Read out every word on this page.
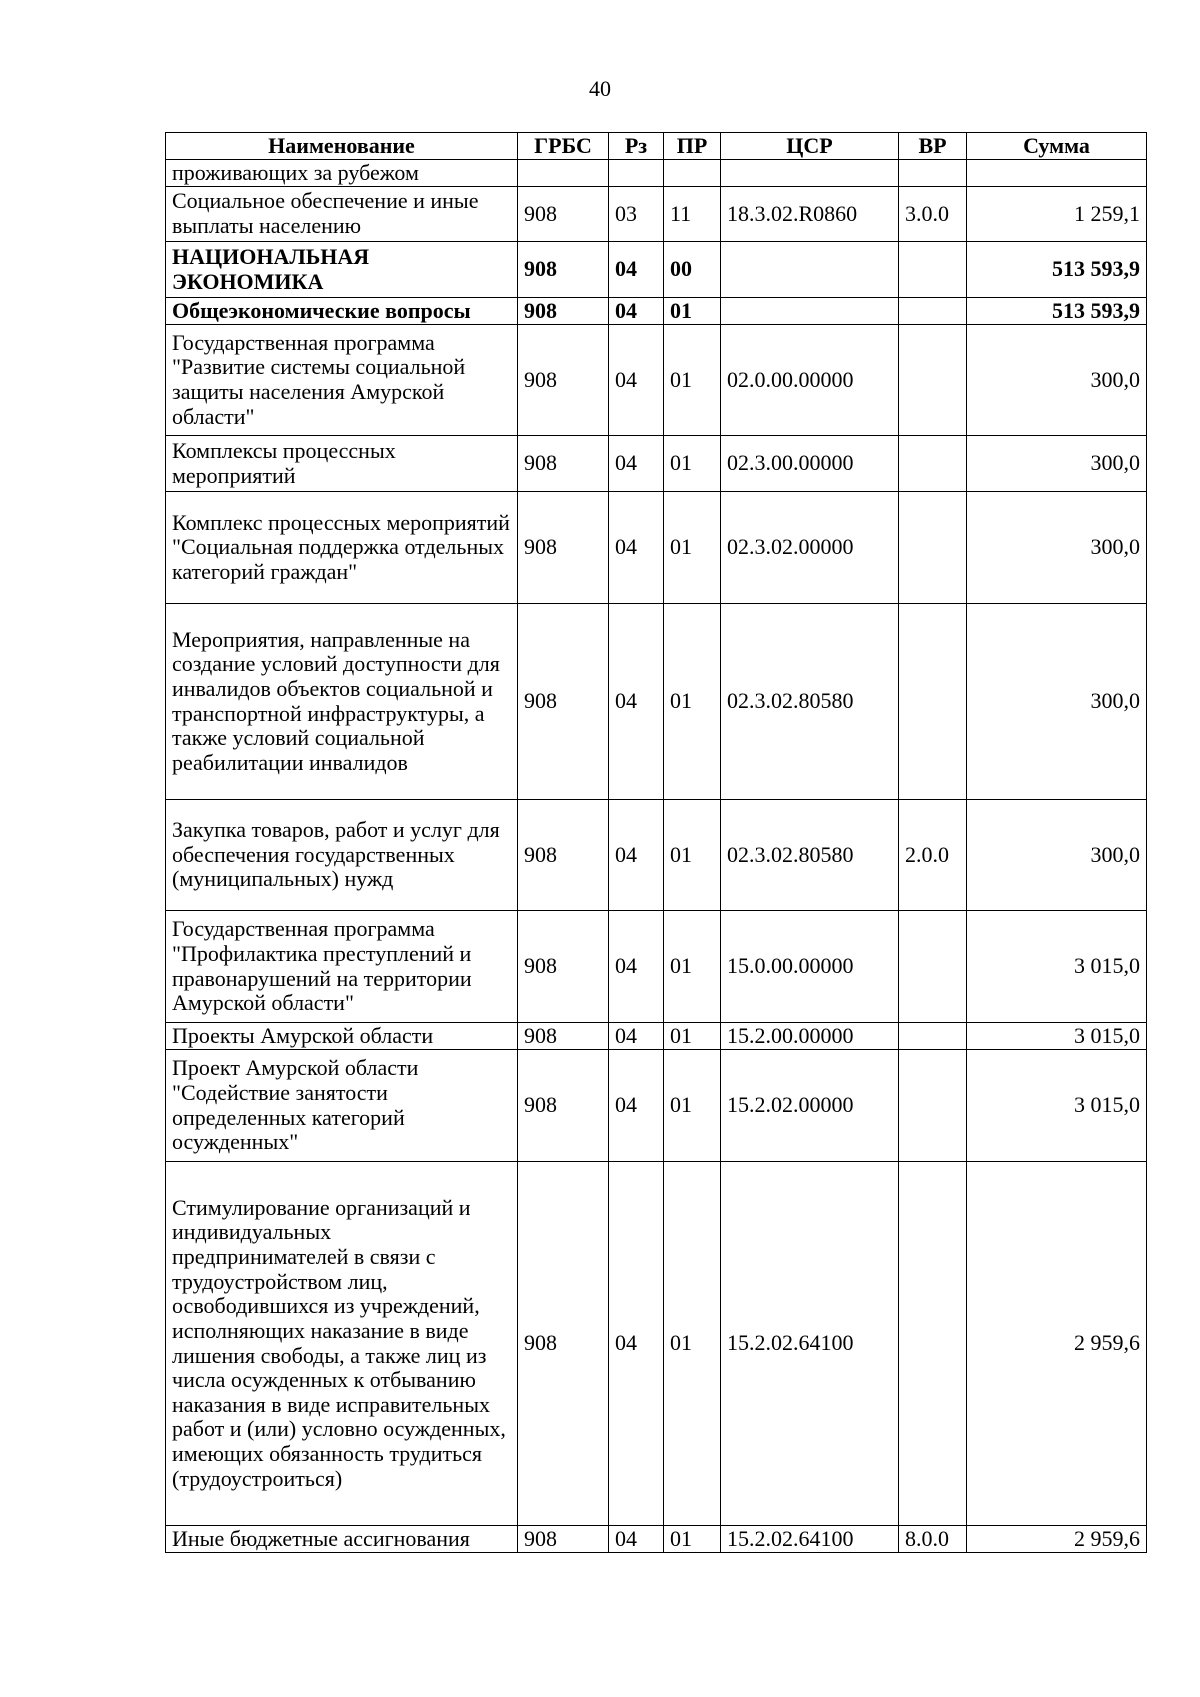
40
Наименование	ГРБС	Рз	ПР	ЦСР	ВР	Сумма
проживающих за рубежом						
Социальное обеспечение и иные выплаты населению	908	03	11	18.3.02.R0860	3.0.0	1 259,1
НАЦИОНАЛЬНАЯ ЭКОНОМИКА	908	04	00			513 593,9
Общеэкономические вопросы	908	04	01			513 593,9
Государственная программа "Развитие системы социальной защиты населения Амурской области"	908	04	01	02.0.00.00000		300,0
Комплексы процессных мероприятий	908	04	01	02.3.00.00000		300,0
Комплекс процессных мероприятий "Социальная поддержка отдельных категорий граждан"	908	04	01	02.3.02.00000		300,0
Мероприятия, направленные на создание условий доступности для инвалидов объектов социальной и транспортной инфраструктуры, а также условий социальной реабилитации инвалидов	908	04	01	02.3.02.80580		300,0
Закупка товаров, работ и услуг для обеспечения государственных (муниципальных) нужд	908	04	01	02.3.02.80580	2.0.0	300,0
Государственная программа "Профилактика преступлений и правонарушений на территории Амурской области"	908	04	01	15.0.00.00000		3 015,0
Проекты Амурской области	908	04	01	15.2.00.00000		3 015,0
Проект Амурской области "Содействие занятости определенных категорий осужденных"	908	04	01	15.2.02.00000		3 015,0
Стимулирование организаций и индивидуальных предпринимателей в связи с трудоустройством лиц, освободившихся из учреждений, исполняющих наказание в виде лишения свободы, а также лиц из числа осужденных к отбыванию наказания в виде исправительных работ и (или) условно осужденных, имеющих обязанность трудиться (трудоустроиться)	908	04	01	15.2.02.64100		2 959,6
Иные бюджетные ассигнования	908	04	01	15.2.02.64100	8.0.0	2 959,6
